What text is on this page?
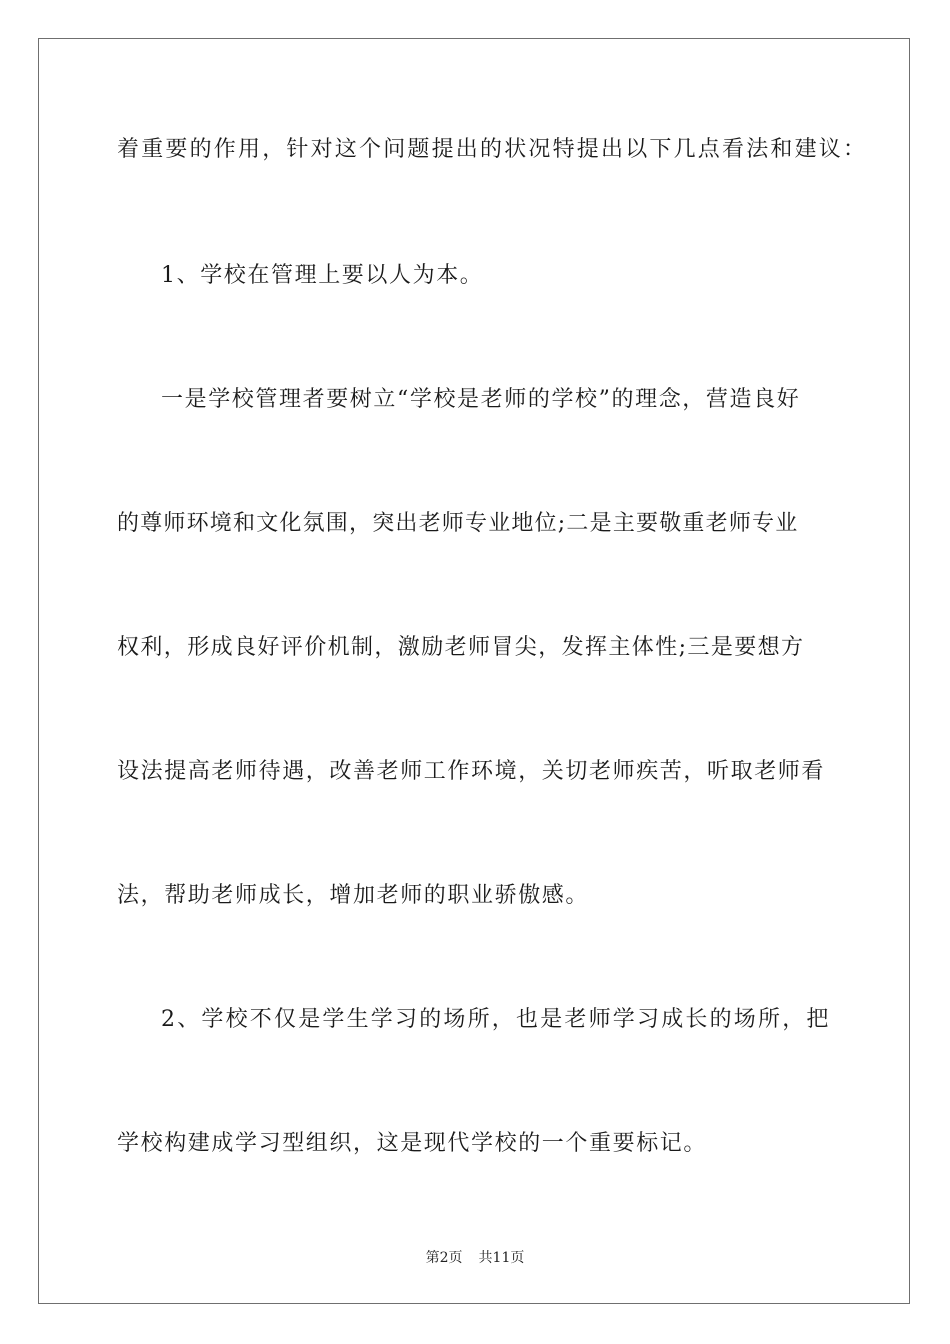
着重要的作用，针对这个问题提出的状况特提出以下几点看法和建议：
1、学校在管理上要以人为本。
一是学校管理者要树立“学校是老师的学校”的理念，营造良好
的尊师环境和文化氛围，突出老师专业地位;二是主要敬重老师专业
权利，形成良好评价机制，激励老师冒尖，发挥主体性;三是要想方
设法提高老师待遇，改善老师工作环境，关切老师疾苦，听取老师看
法，帮助老师成长，增加老师的职业骄傲感。
2、学校不仅是学生学习的场所，也是老师学习成长的场所，把
学校构建成学习型组织，这是现代学校的一个重要标记。
第2页 共11页
